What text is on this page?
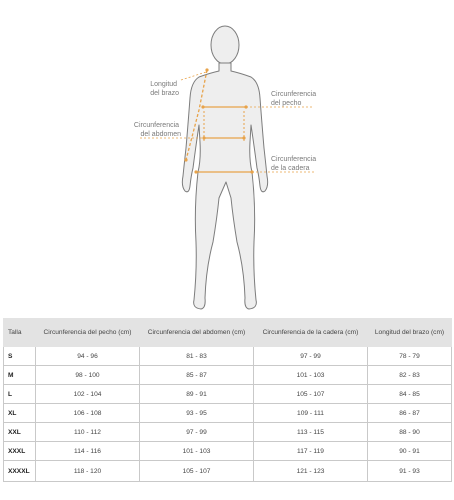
Longitud del brazo	Circunferencia del pecho
Circunferencia del abdomen
Circunferencia de la cadera
Talla	Circunferencia del pecho (cm)	Circunferencia del abdomen (cm)	Circunferencia de la cadera (cm)	Longitud del brazo (cm)
S	94 - 96	81 - 83	97 - 99	78 - 79
M	98 - 100	85 - 87	101 - 103	82 - 83
L	102 - 104	89 - 91	105 - 107	84 - 85
XL	106 - 108	93 - 95	109 - 111	86 - 87
XXL	110 - 112	97 - 99	113 - 115	88 - 90
XXXL	114 - 116	101 - 103	117 - 119	90 - 91
XXXXL	118 - 120	105 - 107	121 - 123	91 - 93
